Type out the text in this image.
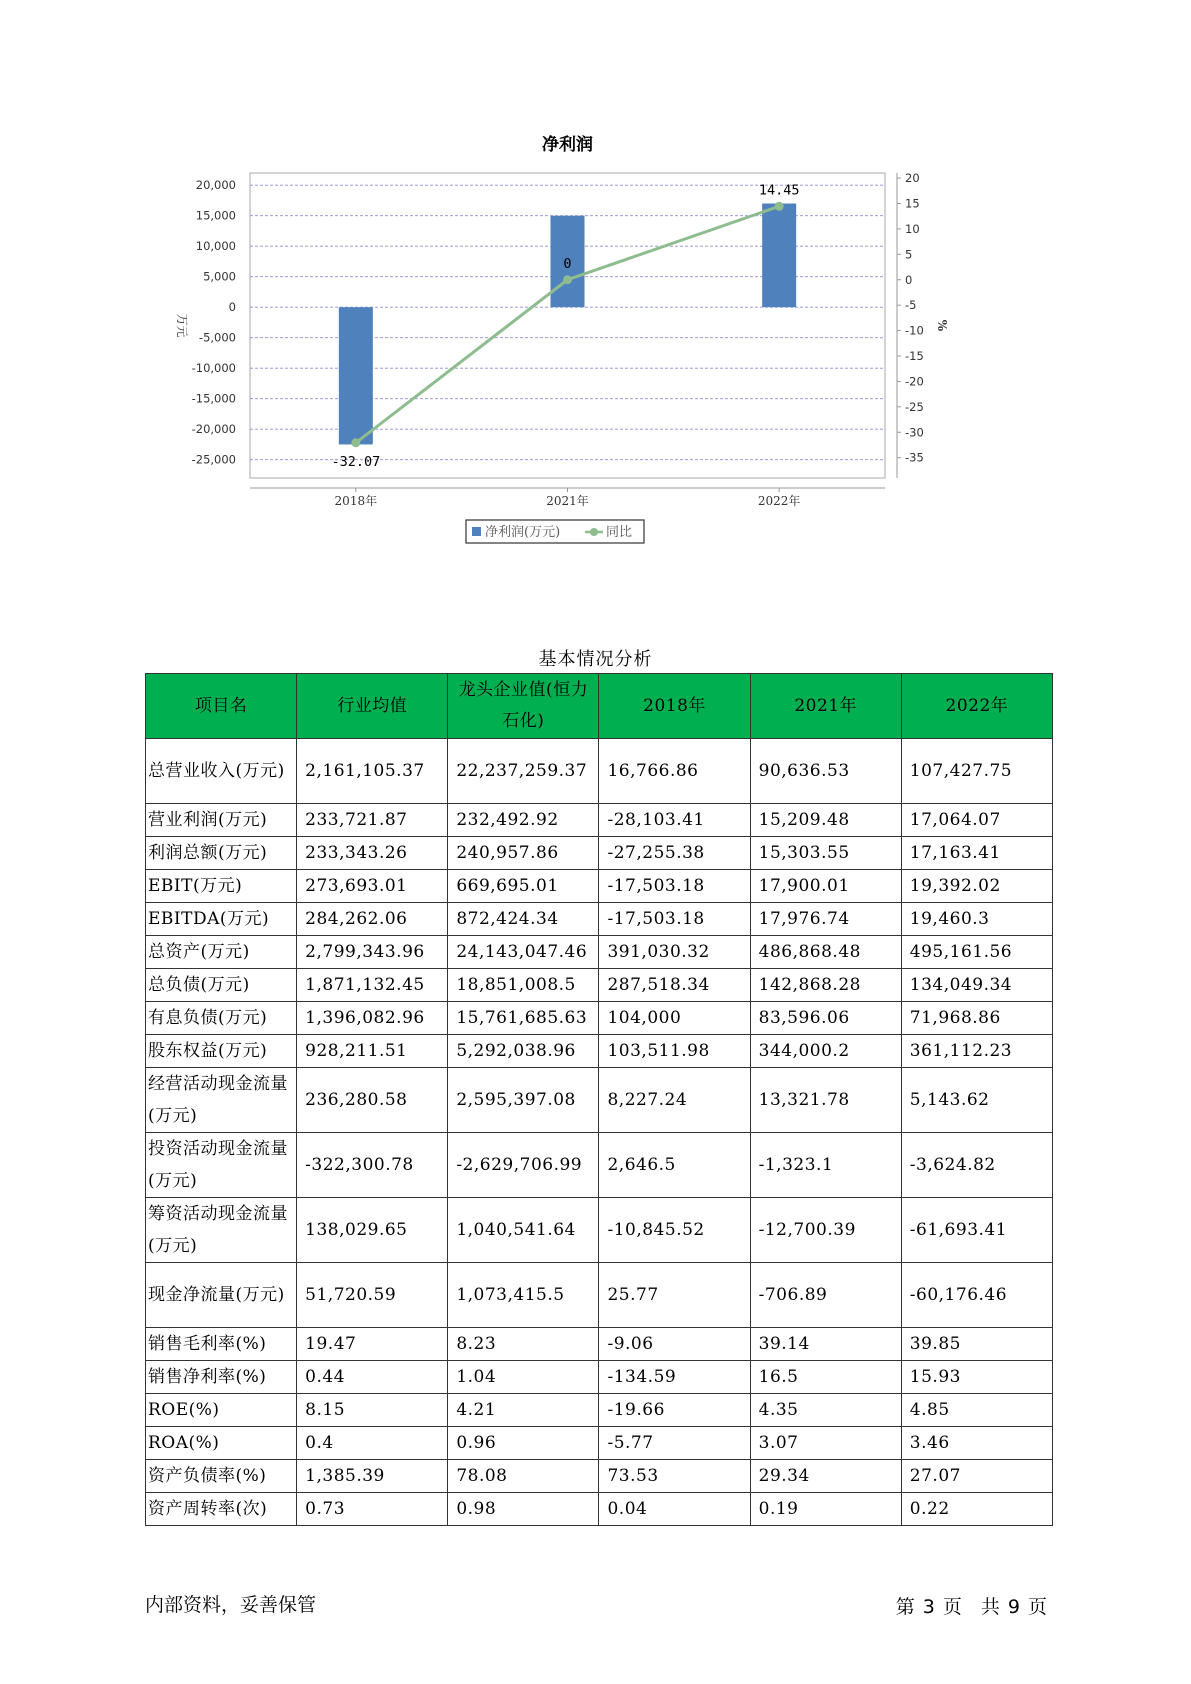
净利润
20,000
15,000
10,000
5,000
0
-5,000
-10,000
-15,000
-20,000
-25,000
20
15
10
5
0
-5
-10
-15
-20
-25
-30
-35
万元	%
2018年	2021年	2022年
-32.07
0
14.45
净利润(万元)	同比
基本情况分析
项目名	行业均值	龙头企业值(恒力石化)	2018年	2021年	2022年
总营业收入(万元)	2,161,105.37	22,237,259.37	16,766.86	90,636.53	107,427.75
营业利润(万元)	233,721.87	232,492.92	-28,103.41	15,209.48	17,064.07
利润总额(万元)	233,343.26	240,957.86	-27,255.38	15,303.55	17,163.41
EBIT(万元)	273,693.01	669,695.01	-17,503.18	17,900.01	19,392.02
EBITDA(万元)	284,262.06	872,424.34	-17,503.18	17,976.74	19,460.3
总资产(万元)	2,799,343.96	24,143,047.46	391,030.32	486,868.48	495,161.56
总负债(万元)	1,871,132.45	18,851,008.5	287,518.34	142,868.28	134,049.34
有息负债(万元)	1,396,082.96	15,761,685.63	104,000	83,596.06	71,968.86
股东权益(万元)	928,211.51	5,292,038.96	103,511.98	344,000.2	361,112.23
经营活动现金流量(万元)	236,280.58	2,595,397.08	8,227.24	13,321.78	5,143.62
投资活动现金流量(万元)	-322,300.78	-2,629,706.99	2,646.5	-1,323.1	-3,624.82
筹资活动现金流量(万元)	138,029.65	1,040,541.64	-10,845.52	-12,700.39	-61,693.41
现金净流量(万元)	51,720.59	1,073,415.5	25.77	-706.89	-60,176.46
销售毛利率(%)	19.47	8.23	-9.06	39.14	39.85
销售净利率(%)	0.44	1.04	-134.59	16.5	15.93
ROE(%)	8.15	4.21	-19.66	4.35	4.85
ROA(%)	0.4	0.96	-5.77	3.07	3.46
资产负债率(%)	1,385.39	78.08	73.53	29.34	27.07
资产周转率(次)	0.73	0.98	0.04	0.19	0.22
内部资料，妥善保管	第 3 页　共 9 页
